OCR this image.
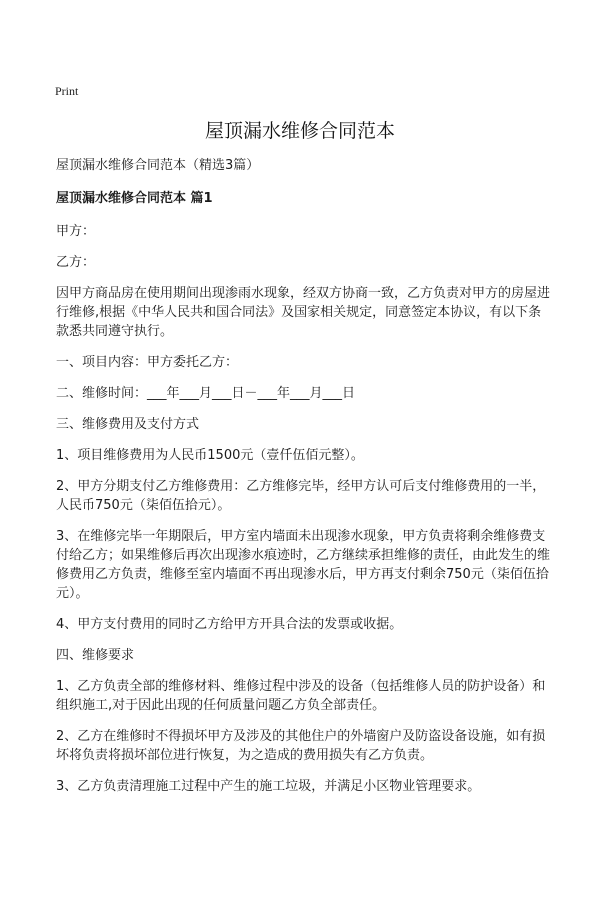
Print
屋顶漏水维修合同范本

屋顶漏水维修合同范本（精选3篇）

屋顶漏水维修合同范本 篇1

甲方：

乙方：

因甲方商品房在使用期间出现渗雨水现象，经双方协商一致，乙方负责对甲方的房屋进行维修,根据《中华人民共和国合同法》及国家相关规定，同意签定本协议，有以下条款悉共同遵守执行。

一、项目内容：甲方委托乙方：

二、维修时间：___年___月___日－___年___月___日

三、维修费用及支付方式

1、项目维修费用为人民币1500元（壹仟伍佰元整）。

2、甲方分期支付乙方维修费用：乙方维修完毕，经甲方认可后支付维修费用的一半，人民币750元（柒佰伍拾元）。

3、在维修完毕一年期限后，甲方室内墙面未出现渗水现象，甲方负责将剩余维修费支付给乙方；如果维修后再次出现渗水痕迹时，乙方继续承担维修的责任，由此发生的维修费用乙方负责，维修至室内墙面不再出现渗水后，甲方再支付剩余750元（柒佰伍拾元）。

4、甲方支付费用的同时乙方给甲方开具合法的发票或收据。

四、维修要求

1、乙方负责全部的维修材料、维修过程中涉及的设备（包括维修人员的防护设备）和组织施工,对于因此出现的任何质量问题乙方负全部责任。

2、乙方在维修时不得损坏甲方及涉及的其他住户的外墙窗户及防盗设备设施，如有损坏将负责将损坏部位进行恢复，为之造成的费用损失有乙方负责。

3、乙方负责清理施工过程中产生的施工垃圾，并满足小区物业管理要求。
